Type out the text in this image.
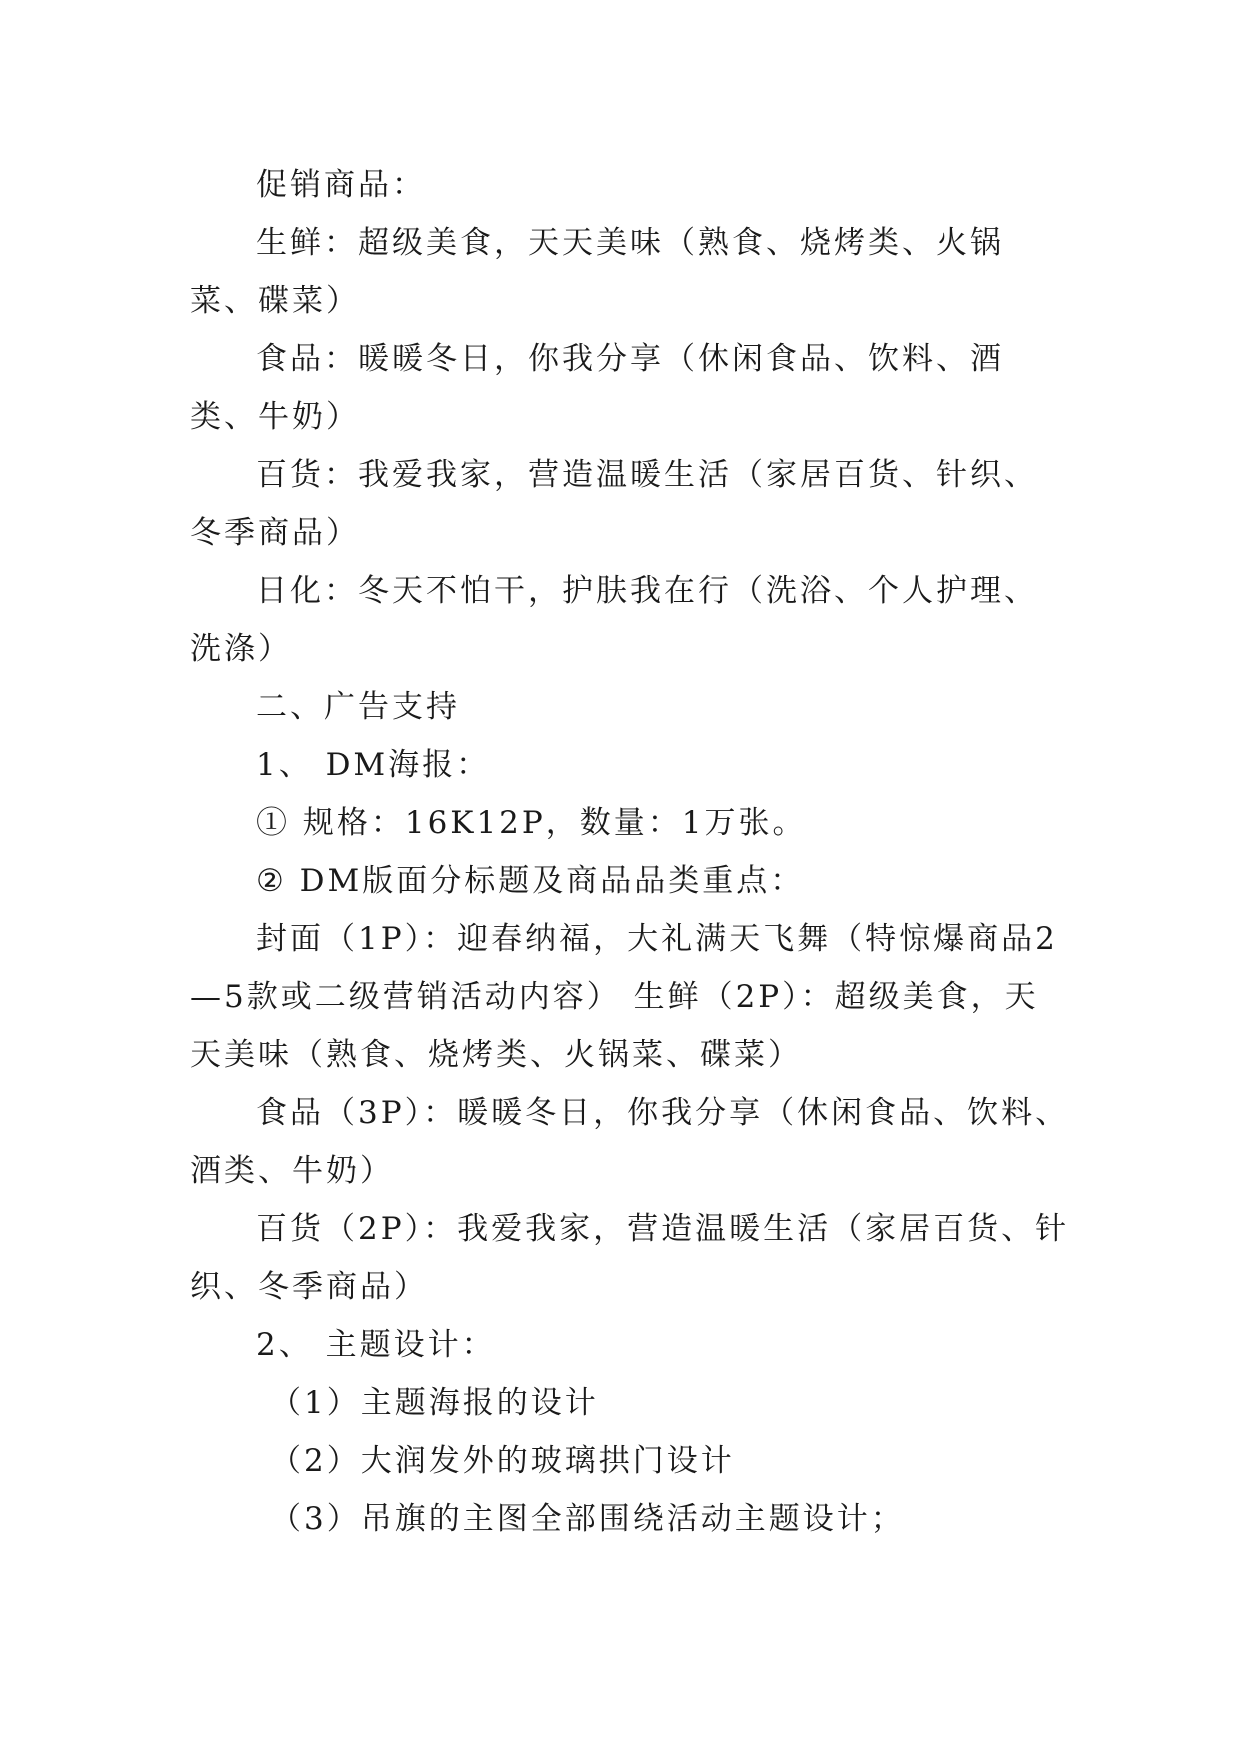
促销商品：

生鲜：超级美食，天天美味（熟食、烧烤类、火锅菜、碟菜）

食品：暖暖冬日，你我分享（休闲食品、饮料、酒类、牛奶）

百货：我爱我家，营造温暖生活（家居百货、针织、冬季商品）

日化：冬天不怕干，护肤我在行（洗浴、个人护理、洗涤）

二、广告支持

1、 DM海报：

① 规格：16K12P，数量：1万张。

② DM版面分标题及商品品类重点：

封面（1P）：迎春纳福，大礼满天飞舞（特惊爆商品2—5款或二级营销活动内容） 生鲜（2P）：超级美食，天天美味（熟食、烧烤类、火锅菜、碟菜）

食品（3P）：暖暖冬日，你我分享（休闲食品、饮料、酒类、牛奶）

百货（2P）：我爱我家，营造温暖生活（家居百货、针织、冬季商品）

2、 主题设计：

（1）主题海报的设计

（2）大润发外的玻璃拱门设计

（3）吊旗的主图全部围绕活动主题设计；
